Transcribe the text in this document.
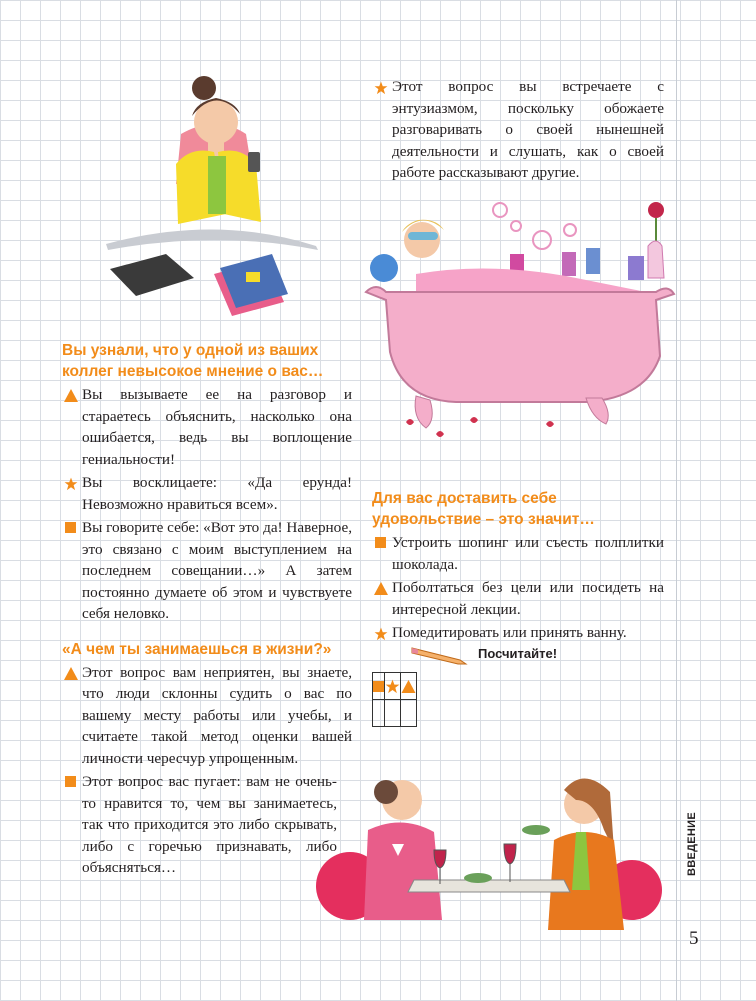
Этот вопрос вы встречаете с энтузиазмом, поскольку обожаете разговаривать о своей нынешней деятельности и слушать, как о своей работе рассказывают другие.
Вы узнали, что у одной из ваших коллег невысокое мнение о вас…
Вы вызываете ее на разговор и стараетесь объяснить, насколько она ошибается, ведь вы воплощение гениальности!
Вы восклицаете: «Да ерунда! Невозможно нравиться всем».
Вы говорите себе: «Вот это да! Наверное, это связано с моим выступлением на последнем совещании…» А затем постоянно думаете об этом и чувствуете себя неловко.
«А чем ты занимаешься в жизни?»
Этот вопрос вам неприятен, вы знаете, что люди склонны судить о вас по вашему месту работы или учебы, и считаете такой метод оценки вашей личности чересчур упрощенным.
Этот вопрос вас пугает: вам не очень-то нравится то, чем вы занимаетесь, так что приходится это либо скрывать, либо с горечью признавать, либо объясняться…
Для вас доставить себе удовольствие – это значит…
Устроить шопинг или съесть полплитки шоколада.
Поболтаться без цели или посидеть на интересной лекции.
Помедитировать или принять ванну.
Посчитайте!

ВВЕДЕНИЕ
5
